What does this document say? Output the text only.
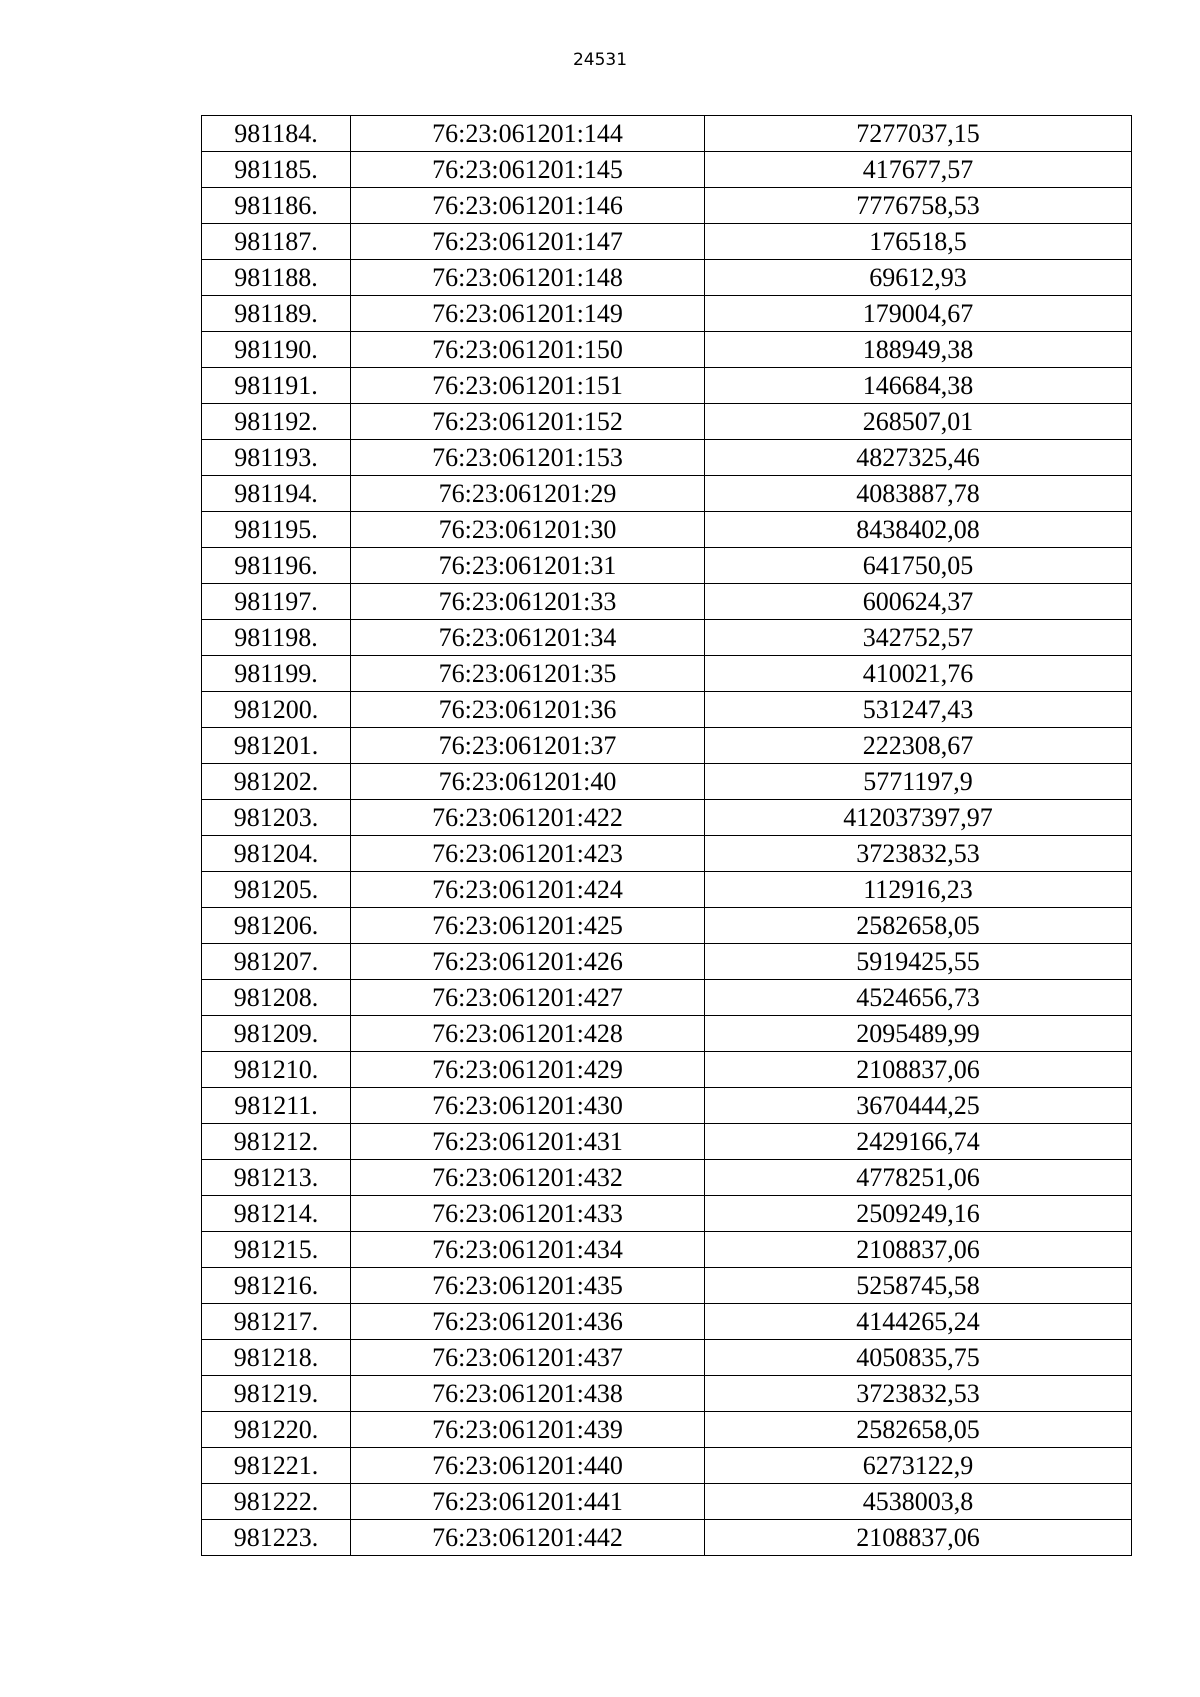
24531
981184.	76:23:061201:144	7277037,15
981185.	76:23:061201:145	417677,57
981186.	76:23:061201:146	7776758,53
981187.	76:23:061201:147	176518,5
981188.	76:23:061201:148	69612,93
981189.	76:23:061201:149	179004,67
981190.	76:23:061201:150	188949,38
981191.	76:23:061201:151	146684,38
981192.	76:23:061201:152	268507,01
981193.	76:23:061201:153	4827325,46
981194.	76:23:061201:29	4083887,78
981195.	76:23:061201:30	8438402,08
981196.	76:23:061201:31	641750,05
981197.	76:23:061201:33	600624,37
981198.	76:23:061201:34	342752,57
981199.	76:23:061201:35	410021,76
981200.	76:23:061201:36	531247,43
981201.	76:23:061201:37	222308,67
981202.	76:23:061201:40	5771197,9
981203.	76:23:061201:422	412037397,97
981204.	76:23:061201:423	3723832,53
981205.	76:23:061201:424	112916,23
981206.	76:23:061201:425	2582658,05
981207.	76:23:061201:426	5919425,55
981208.	76:23:061201:427	4524656,73
981209.	76:23:061201:428	2095489,99
981210.	76:23:061201:429	2108837,06
981211.	76:23:061201:430	3670444,25
981212.	76:23:061201:431	2429166,74
981213.	76:23:061201:432	4778251,06
981214.	76:23:061201:433	2509249,16
981215.	76:23:061201:434	2108837,06
981216.	76:23:061201:435	5258745,58
981217.	76:23:061201:436	4144265,24
981218.	76:23:061201:437	4050835,75
981219.	76:23:061201:438	3723832,53
981220.	76:23:061201:439	2582658,05
981221.	76:23:061201:440	6273122,9
981222.	76:23:061201:441	4538003,8
981223.	76:23:061201:442	2108837,06
